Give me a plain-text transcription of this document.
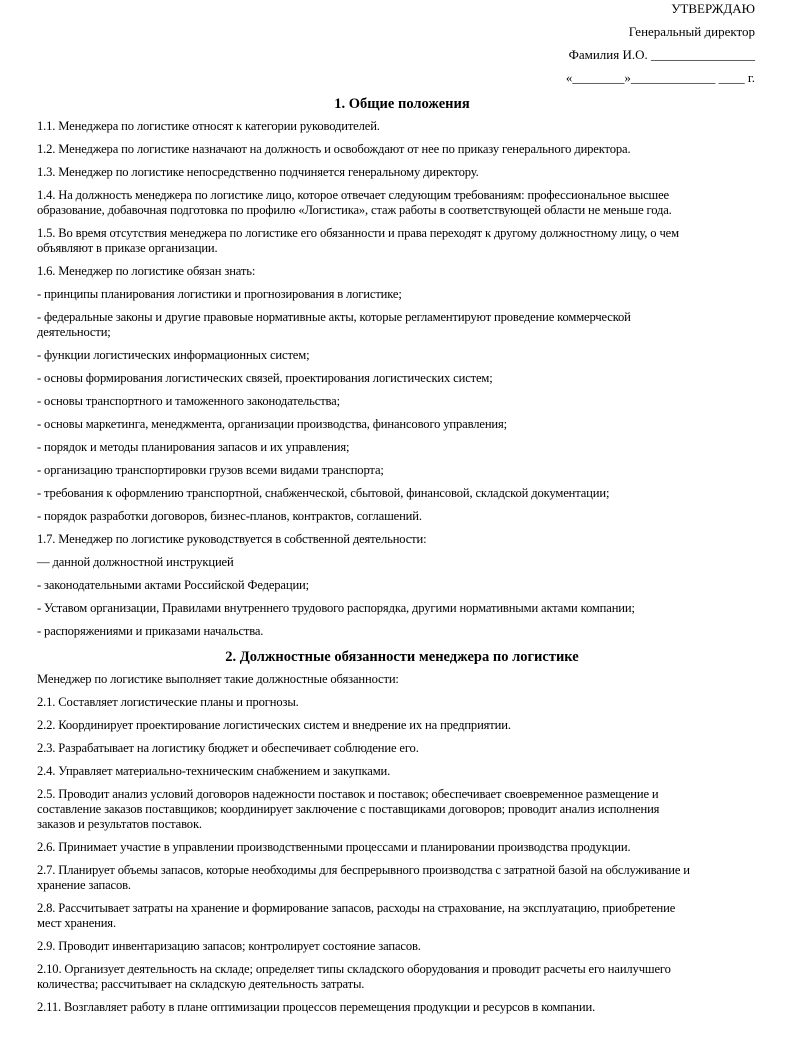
УТВЕРЖДАЮ
Генеральный директор
Фамилия И.О. ________________
«________»_____________ ____ г.
1. Общие положения

1.1. Менеджера по логистике относят к категории руководителей.

1.2. Менеджера по логистике назначают на должность и освобождают от нее по приказу генерального директора.

1.3. Менеджер по логистике непосредственно подчиняется генеральному директору.

1.4. На должность менеджера по логистике лицо, которое отвечает следующим требованиям: профессиональное высшее
образование, добавочная подготовка по профилю «Логистика», стаж работы в соответствующей области не меньше года.

1.5. Во время отсутствия менеджера по логистике его обязанности и права переходят к другому должностному лицу, о чем
объявляют в приказе организации.

1.6. Менеджер по логистике обязан знать:

- принципы планирования логистики и прогнозирования в логистике;

- федеральные законы и другие правовые нормативные акты, которые регламентируют проведение коммерческой
деятельности;

- функции логистических информационных систем;

- основы формирования логистических связей, проектирования логистических систем;

- основы транспортного и таможенного законодательства;

- основы маркетинга, менеджмента, организации производства, финансового управления;

- порядок и методы планирования запасов и их управления;

- организацию транспортировки грузов всеми видами транспорта;

- требования к оформлению транспортной, снабженческой, сбытовой, финансовой, складской документации;

- порядок разработки договоров, бизнес-планов, контрактов, соглашений.

1.7. Менеджер по логистике руководствуется в собственной деятельности:

— данной должностной инструкцией

- законодательными актами Российской Федерации;

- Уставом организации, Правилами внутреннего трудового распорядка, другими нормативными актами компании;

- распоряжениями и приказами начальства.

2. Должностные обязанности менеджера по логистике

Менеджер по логистике выполняет такие должностные обязанности:

2.1. Составляет логистические планы и прогнозы.

2.2. Координирует проектирование логистических систем и внедрение их на предприятии.

2.3. Разрабатывает на логистику бюджет и обеспечивает соблюдение его.

2.4. Управляет материально-техническим снабжением и закупками.

2.5. Проводит анализ условий договоров надежности поставок и поставок; обеспечивает своевременное размещение и
составление заказов поставщиков; координирует заключение с поставщиками договоров; проводит анализ исполнения
заказов и результатов поставок.

2.6. Принимает участие в управлении производственными процессами и планировании производства продукции.

2.7. Планирует объемы запасов, которые необходимы для беспрерывного производства с затратной базой на обслуживание и
хранение запасов.

2.8. Рассчитывает затраты на хранение и формирование запасов, расходы на страхование, на эксплуатацию, приобретение
мест хранения.

2.9. Проводит инвентаризацию запасов; контролирует состояние запасов.

2.10. Организует деятельность на складе; определяет типы складского оборудования и проводит расчеты его наилучшего
количества; рассчитывает на складскую деятельность затраты.

2.11. Возглавляет работу в плане оптимизации процессов перемещения продукции и ресурсов в компании.
